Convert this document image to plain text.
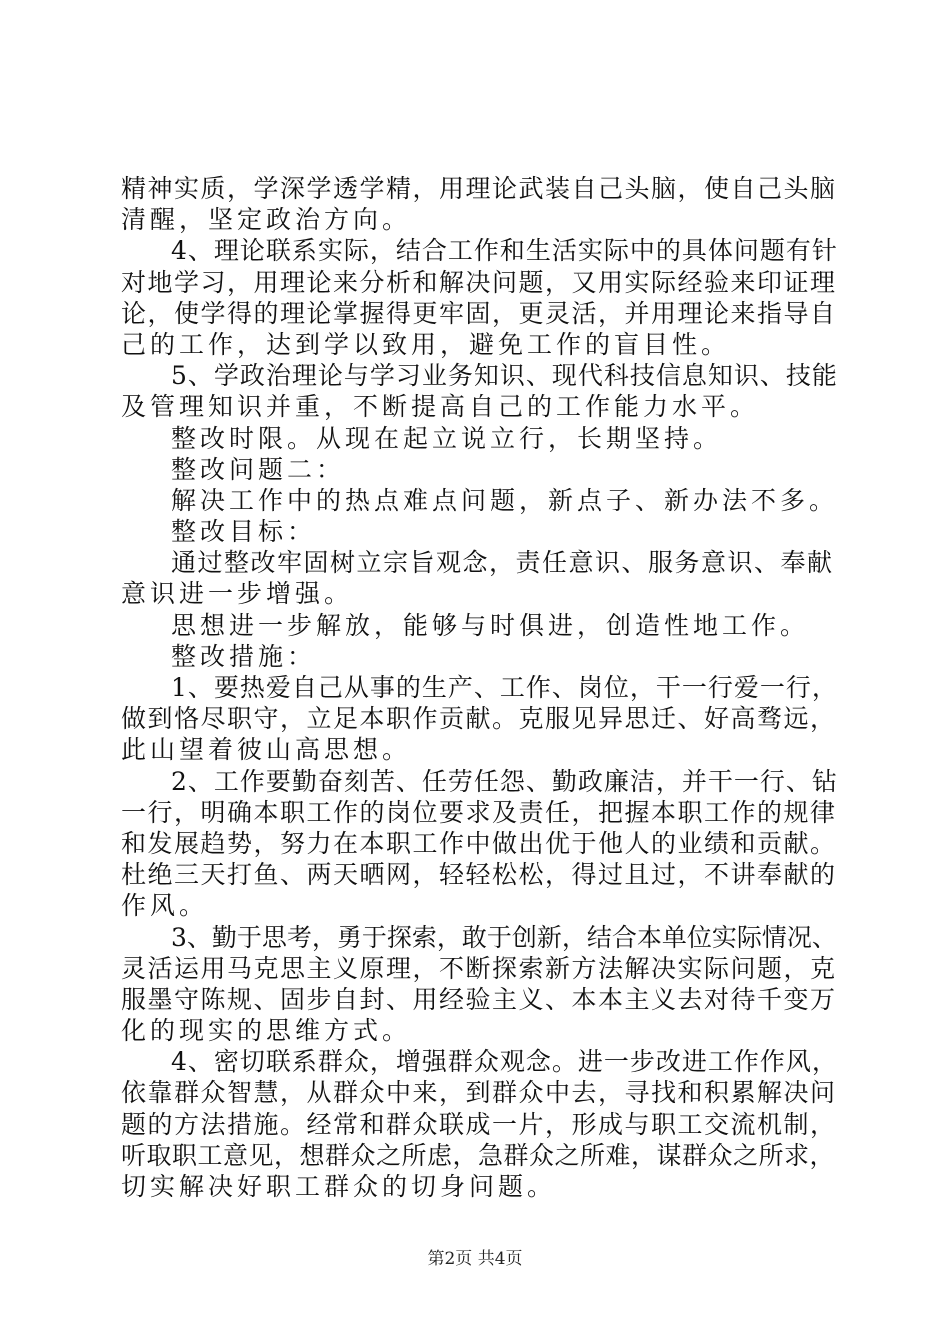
精神实质，学深学透学精，用理论武装自己头脑，使自己头脑
清醒，坚定政治方向。
4、理论联系实际，结合工作和生活实际中的具体问题有针
对地学习，用理论来分析和解决问题，又用实际经验来印证理
论，使学得的理论掌握得更牢固，更灵活，并用理论来指导自
己的工作，达到学以致用，避免工作的盲目性。
5、学政治理论与学习业务知识、现代科技信息知识、技能
及管理知识并重，不断提高自己的工作能力水平。
整改时限。从现在起立说立行，长期坚持。
整改问题二：
解决工作中的热点难点问题，新点子、新办法不多。
整改目标：
通过整改牢固树立宗旨观念，责任意识、服务意识、奉献
意识进一步增强。
思想进一步解放，能够与时俱进，创造性地工作。
整改措施：
1、要热爱自己从事的生产、工作、岗位，干一行爱一行，
做到恪尽职守，立足本职作贡献。克服见异思迁、好高骛远，
此山望着彼山高思想。
2、工作要勤奋刻苦、任劳任怨、勤政廉洁，并干一行、钻
一行，明确本职工作的岗位要求及责任，把握本职工作的规律
和发展趋势，努力在本职工作中做出优于他人的业绩和贡献。
杜绝三天打鱼、两天晒网，轻轻松松，得过且过，不讲奉献的
作风。
3、勤于思考，勇于探索，敢于创新，结合本单位实际情况、
灵活运用马克思主义原理，不断探索新方法解决实际问题，克
服墨守陈规、固步自封、用经验主义、本本主义去对待千变万
化的现实的思维方式。
4、密切联系群众，增强群众观念。进一步改进工作作风，
依靠群众智慧，从群众中来，到群众中去，寻找和积累解决问
题的方法措施。经常和群众联成一片，形成与职工交流机制，
听取职工意见，想群众之所虑，急群众之所难，谋群众之所求，
切实解决好职工群众的切身问题。
第2页 共4页
